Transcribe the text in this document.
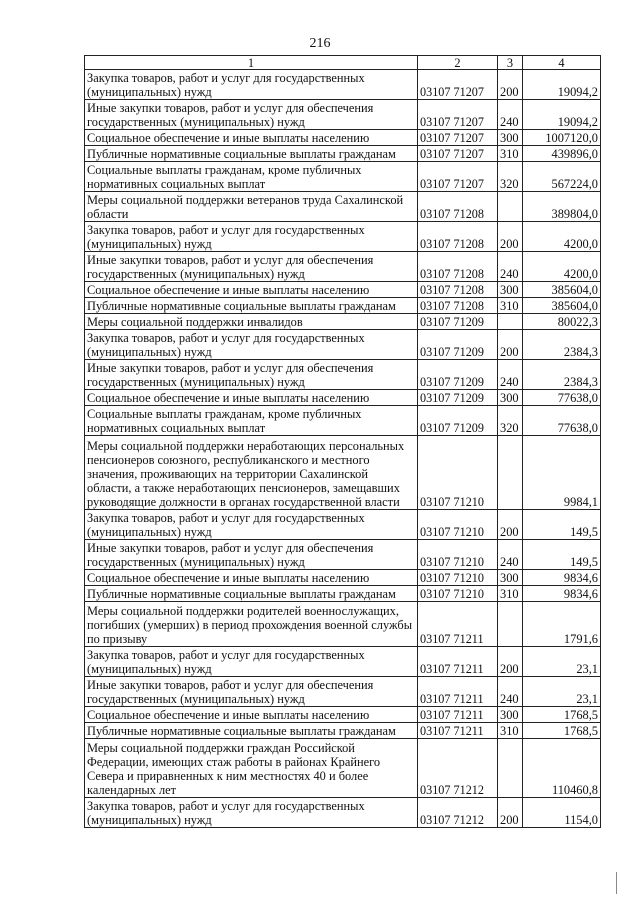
216
1	2	3	4
Закупка товаров, работ и услуг для государственных (муниципальных) нужд	03107 71207	200	19094,2
Иные закупки товаров, работ и услуг для обеспечения государственных (муниципальных) нужд	03107 71207	240	19094,2
Социальное обеспечение и иные выплаты населению	03107 71207	300	1007120,0
Публичные нормативные социальные выплаты гражданам	03107 71207	310	439896,0
Социальные выплаты гражданам, кроме публичных нормативных социальных выплат	03107 71207	320	567224,0
Меры социальной поддержки ветеранов труда Сахалинской области	03107 71208		389804,0
Закупка товаров, работ и услуг для государственных (муниципальных) нужд	03107 71208	200	4200,0
Иные закупки товаров, работ и услуг для обеспечения государственных (муниципальных) нужд	03107 71208	240	4200,0
Социальное обеспечение и иные выплаты населению	03107 71208	300	385604,0
Публичные нормативные социальные выплаты гражданам	03107 71208	310	385604,0
Меры социальной поддержки инвалидов	03107 71209		80022,3
Закупка товаров, работ и услуг для государственных (муниципальных) нужд	03107 71209	200	2384,3
Иные закупки товаров, работ и услуг для обеспечения государственных (муниципальных) нужд	03107 71209	240	2384,3
Социальное обеспечение и иные выплаты населению	03107 71209	300	77638,0
Социальные выплаты гражданам, кроме публичных нормативных социальных выплат	03107 71209	320	77638,0
Меры социальной поддержки неработающих персональных пенсионеров союзного, республиканского и местного значения, проживающих на территории Сахалинской области, а также неработающих пенсионеров, замещавших руководящие должности в органах государственной власти	03107 71210		9984,1
Закупка товаров, работ и услуг для государственных (муниципальных) нужд	03107 71210	200	149,5
Иные закупки товаров, работ и услуг для обеспечения государственных (муниципальных) нужд	03107 71210	240	149,5
Социальное обеспечение и иные выплаты населению	03107 71210	300	9834,6
Публичные нормативные социальные выплаты гражданам	03107 71210	310	9834,6
Меры социальной поддержки родителей военнослужащих, погибших (умерших) в период прохождения военной службы по призыву	03107 71211		1791,6
Закупка товаров, работ и услуг для государственных (муниципальных) нужд	03107 71211	200	23,1
Иные закупки товаров, работ и услуг для обеспечения государственных (муниципальных) нужд	03107 71211	240	23,1
Социальное обеспечение и иные выплаты населению	03107 71211	300	1768,5
Публичные нормативные социальные выплаты гражданам	03107 71211	310	1768,5
Меры социальной поддержки граждан Российской Федерации, имеющих стаж работы в районах Крайнего Севера и приравненных к ним местностях 40 и более календарных лет	03107 71212		110460,8
Закупка товаров, работ и услуг для государственных (муниципальных) нужд	03107 71212	200	1154,0
